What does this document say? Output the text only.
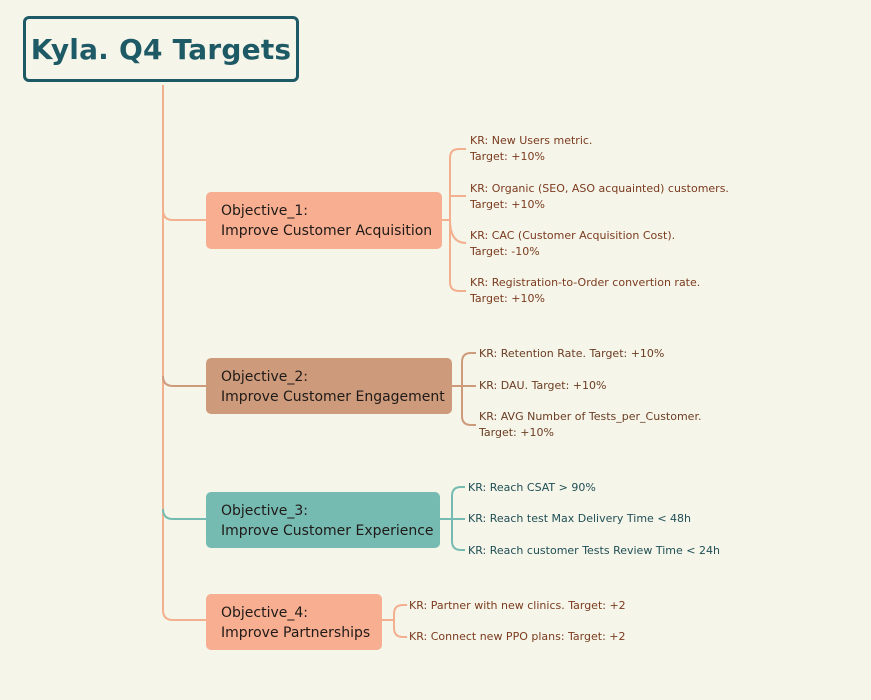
Kyla. Q4 Targets
Objective_1:
Improve Customer Acquisition
KR: New Users metric.
Target: +10%
KR: Organic (SEO, ASO acquainted) customers.
Target: +10%
KR: CAC (Customer Acquisition Cost).
Target: -10%
KR: Registration-to-Order convertion rate.
Target: +10%
Objective_2:
Improve Customer Engagement
KR: Retention Rate. Target: +10%
KR: DAU. Target: +10%
KR: AVG Number of Tests_per_Customer.
Target: +10%
Objective_3:
Improve Customer Experience
KR: Reach CSAT > 90%
KR: Reach test Max Delivery Time < 48h
KR: Reach customer Tests Review Time < 24h
Objective_4:
Improve Partnerships
KR: Partner with new clinics. Target: +2
KR: Connect new PPO plans: Target: +2
